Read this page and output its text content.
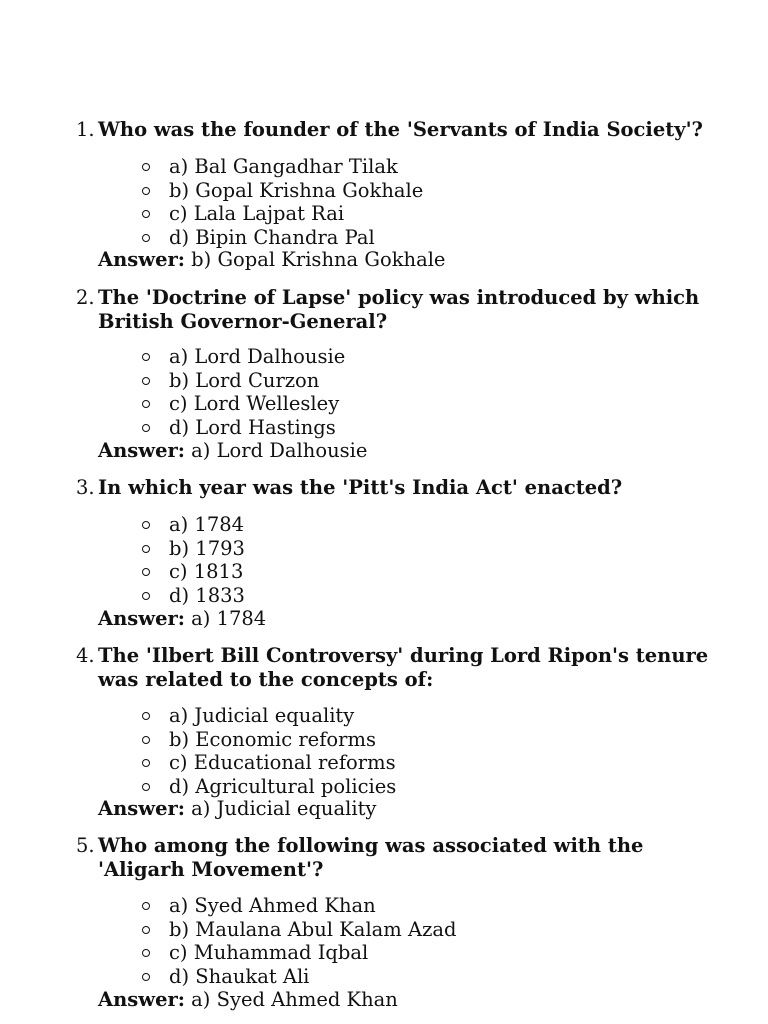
1. Who was the founder of the 'Servants of India Society'?
a) Bal Gangadhar Tilak
b) Gopal Krishna Gokhale
c) Lala Lajpat Rai
d) Bipin Chandra Pal
Answer: b) Gopal Krishna Gokhale
2. The 'Doctrine of Lapse' policy was introduced by which British Governor-General?
a) Lord Dalhousie
b) Lord Curzon
c) Lord Wellesley
d) Lord Hastings
Answer: a) Lord Dalhousie
3. In which year was the 'Pitt's India Act' enacted?
a) 1784
b) 1793
c) 1813
d) 1833
Answer: a) 1784
4. The 'Ilbert Bill Controversy' during Lord Ripon's tenure was related to the concepts of:
a) Judicial equality
b) Economic reforms
c) Educational reforms
d) Agricultural policies
Answer: a) Judicial equality
5. Who among the following was associated with the 'Aligarh Movement'?
a) Syed Ahmed Khan
b) Maulana Abul Kalam Azad
c) Muhammad Iqbal
d) Shaukat Ali
Answer: a) Syed Ahmed Khan
